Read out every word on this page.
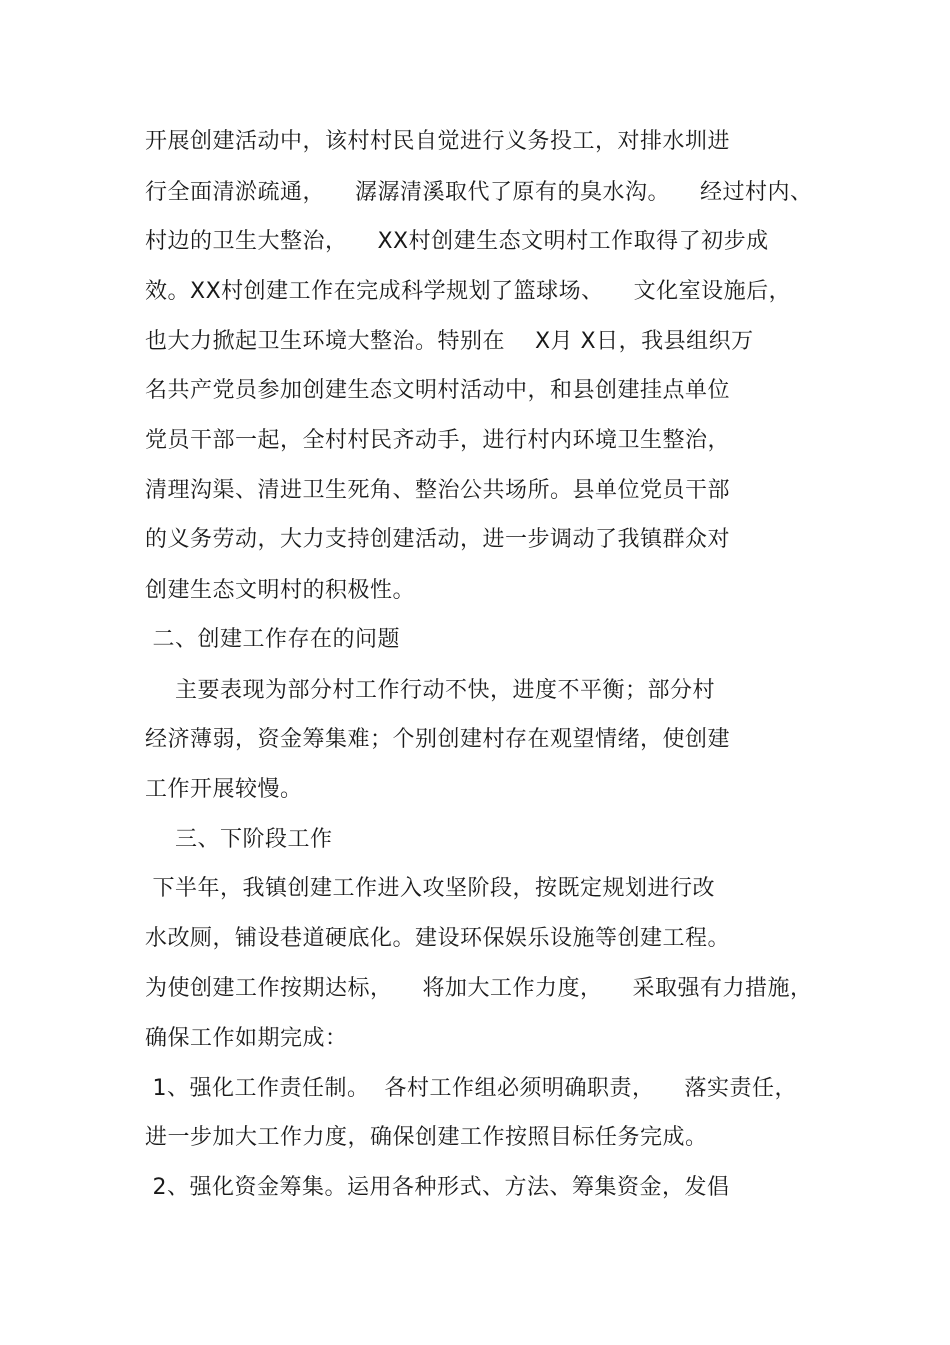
开展创建活动中，该村村民自觉进行义务投工，对排水圳进
行全面清淤疏通，    潺潺清溪取代了原有的臭水沟。    经过村内、
村边的卫生大整治，    XX村创建生态文明村工作取得了初步成
效。XX村创建工作在完成科学规划了篮球场、    文化室设施后，
也大力掀起卫生环境大整治。特别在    X月 X日，我县组织万
名共产党员参加创建生态文明村活动中，和县创建挂点单位
党员干部一起，全村村民齐动手，进行村内环境卫生整治，
清理沟渠、清进卫生死角、整治公共场所。县单位党员干部
的义务劳动，大力支持创建活动，进一步调动了我镇群众对
创建生态文明村的积极性。
二、创建工作存在的问题
主要表现为部分村工作行动不快，进度不平衡；部分村
经济薄弱，资金筹集难；个别创建村存在观望情绪，使创建
工作开展较慢。
三、下阶段工作
下半年，我镇创建工作进入攻坚阶段，按既定规划进行改
水改厕，铺设巷道硬底化。建设环保娱乐设施等创建工程。
为使创建工作按期达标，    将加大工作力度，    采取强有力措施，
确保工作如期完成：
1、强化工作责任制。  各村工作组必须明确职责，    落实责任，
进一步加大工作力度，确保创建工作按照目标任务完成。
2、强化资金筹集。运用各种形式、方法、筹集资金，发倡
